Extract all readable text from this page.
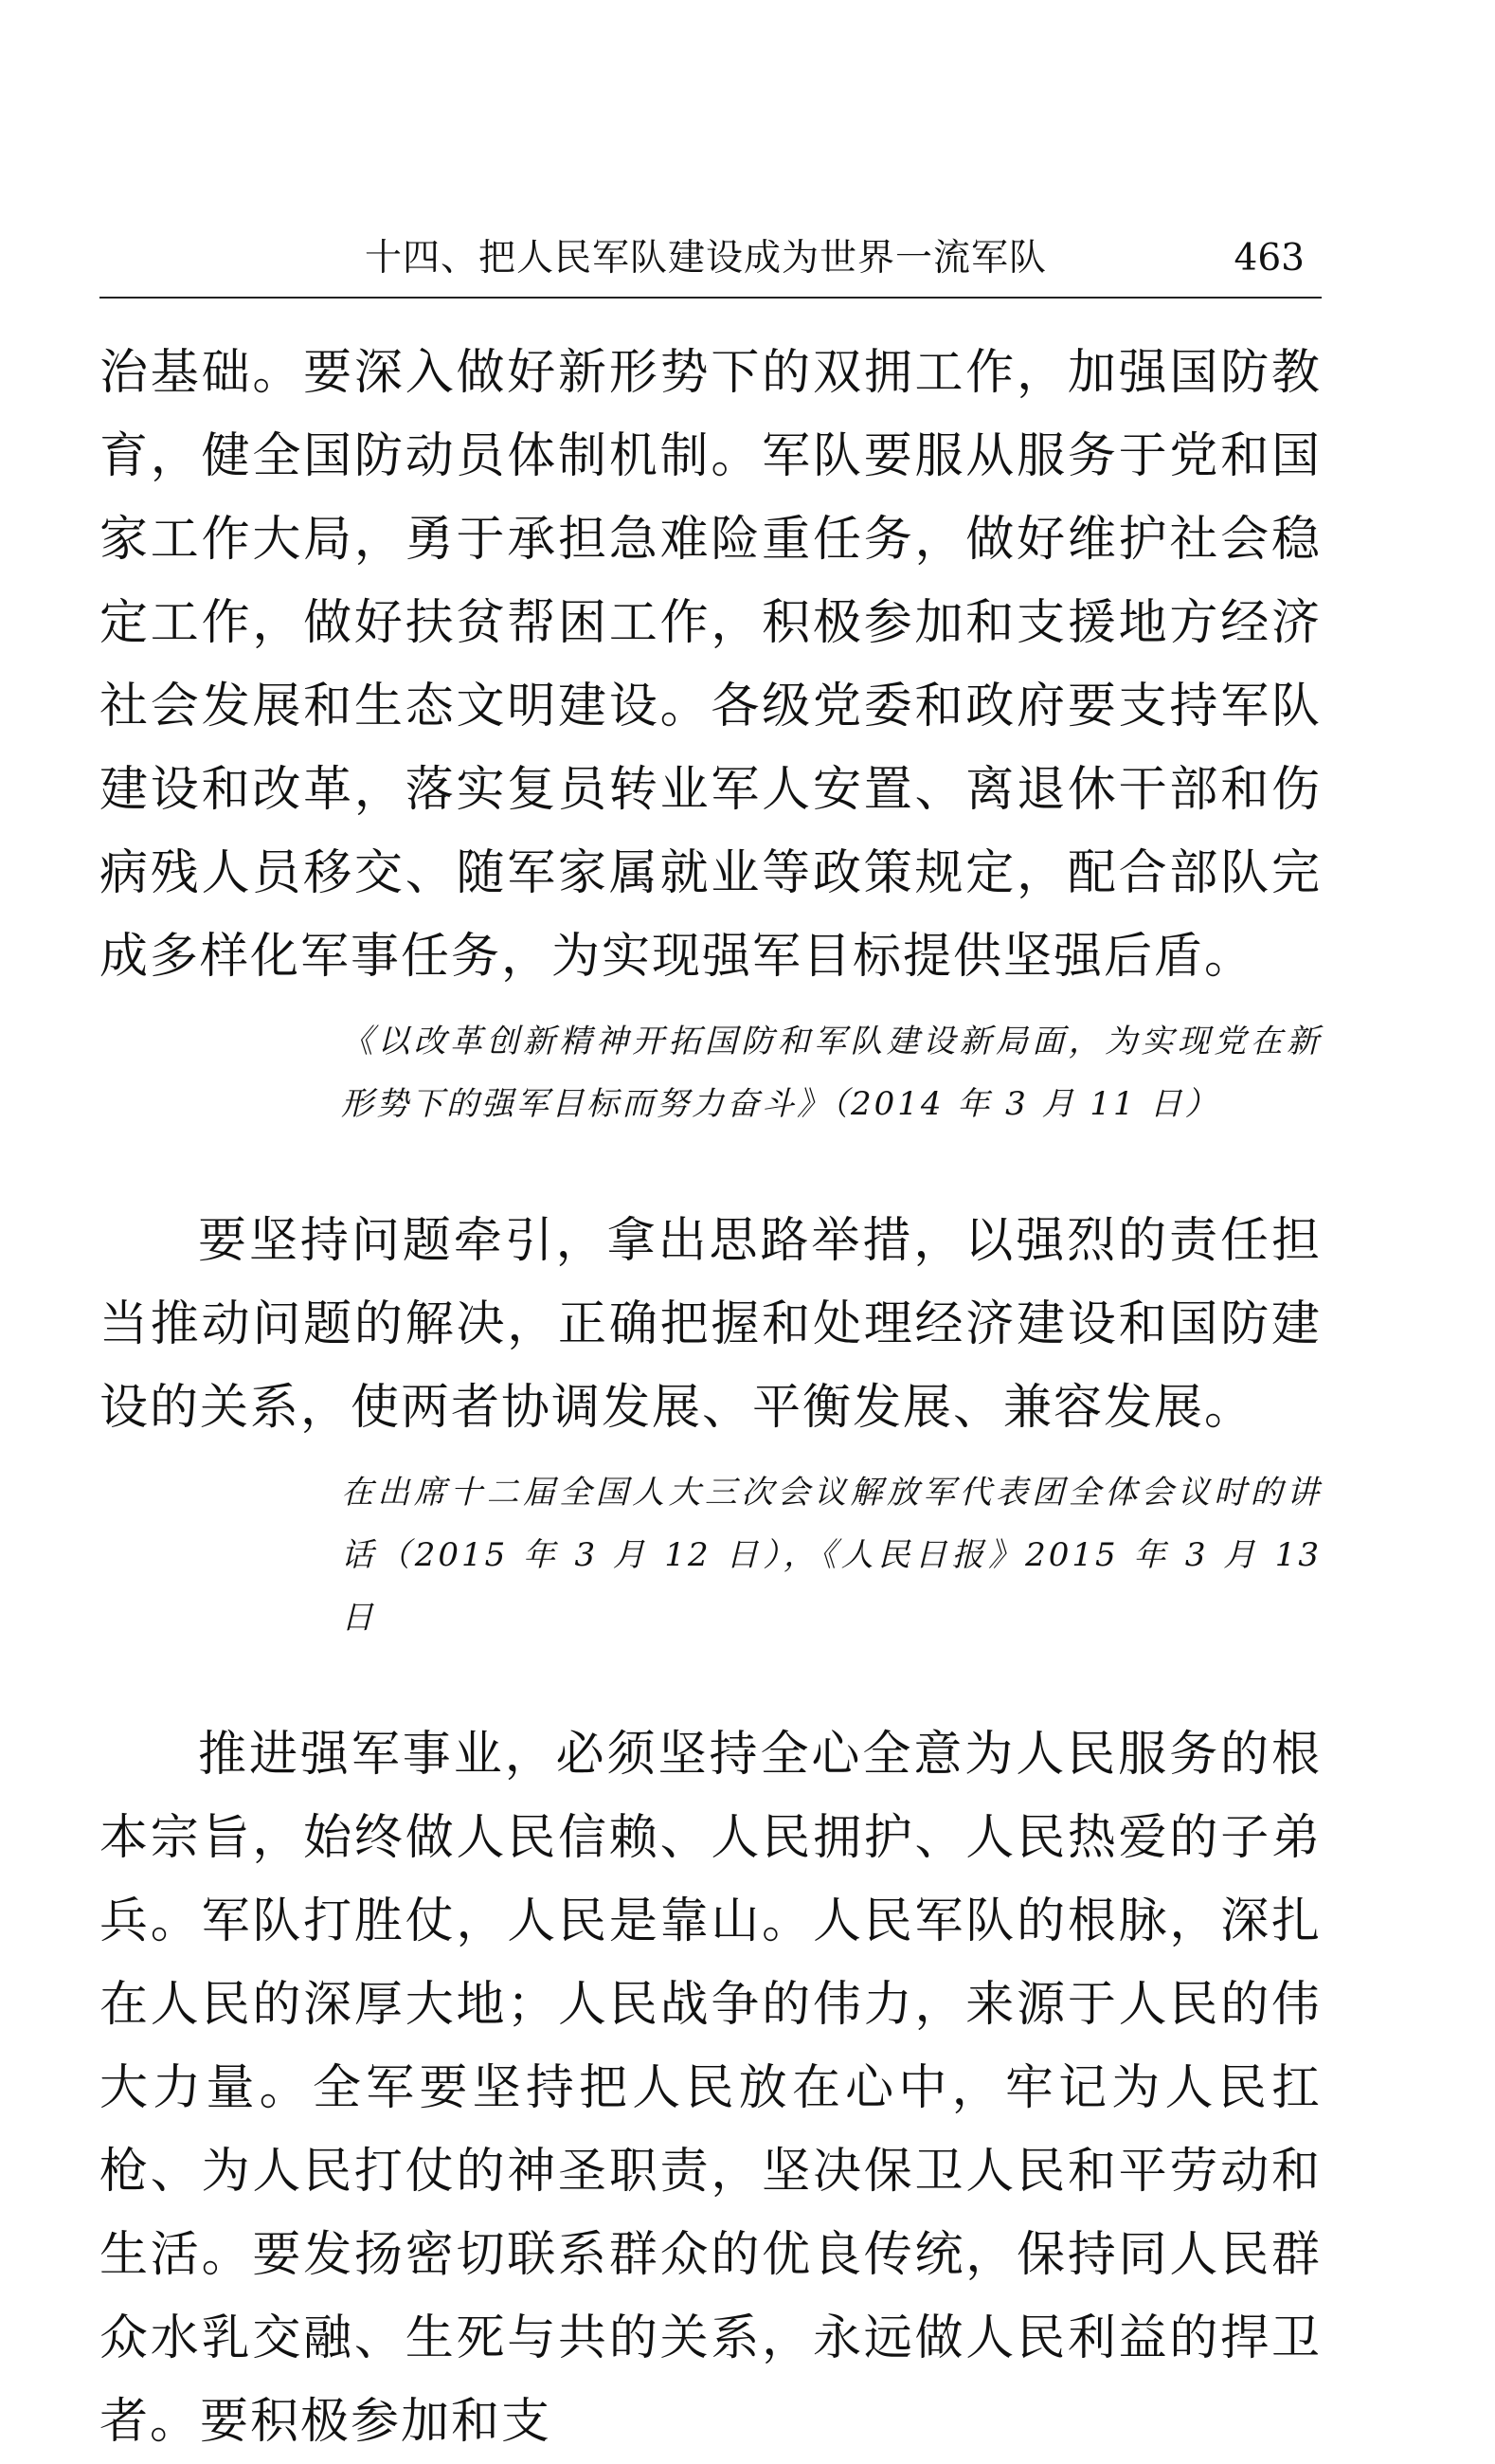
十四、把人民军队建设成为世界一流军队	463

治基础。要深入做好新形势下的双拥工作，加强国防教育，健全国防动员体制机制。军队要服从服务于党和国家工作大局，勇于承担急难险重任务，做好维护社会稳定工作，做好扶贫帮困工作，积极参加和支援地方经济社会发展和生态文明建设。各级党委和政府要支持军队建设和改革，落实复员转业军人安置、离退休干部和伤病残人员移交、随军家属就业等政策规定，配合部队完成多样化军事任务，为实现强军目标提供坚强后盾。

《以改革创新精神开拓国防和军队建设新局面，为实现党在新形势下的强军目标而努力奋斗》（2014 年 3 月 11 日）

要坚持问题牵引，拿出思路举措，以强烈的责任担当推动问题的解决，正确把握和处理经济建设和国防建设的关系，使两者协调发展、平衡发展、兼容发展。

在出席十二届全国人大三次会议解放军代表团全体会议时的讲话（2015 年 3 月 12 日），《人民日报》2015 年 3 月 13 日

推进强军事业，必须坚持全心全意为人民服务的根本宗旨，始终做人民信赖、人民拥护、人民热爱的子弟兵。军队打胜仗，人民是靠山。人民军队的根脉，深扎在人民的深厚大地；人民战争的伟力，来源于人民的伟大力量。全军要坚持把人民放在心中，牢记为人民扛枪、为人民打仗的神圣职责，坚决保卫人民和平劳动和生活。要发扬密切联系群众的优良传统，保持同人民群众水乳交融、生死与共的关系，永远做人民利益的捍卫者。要积极参加和支
